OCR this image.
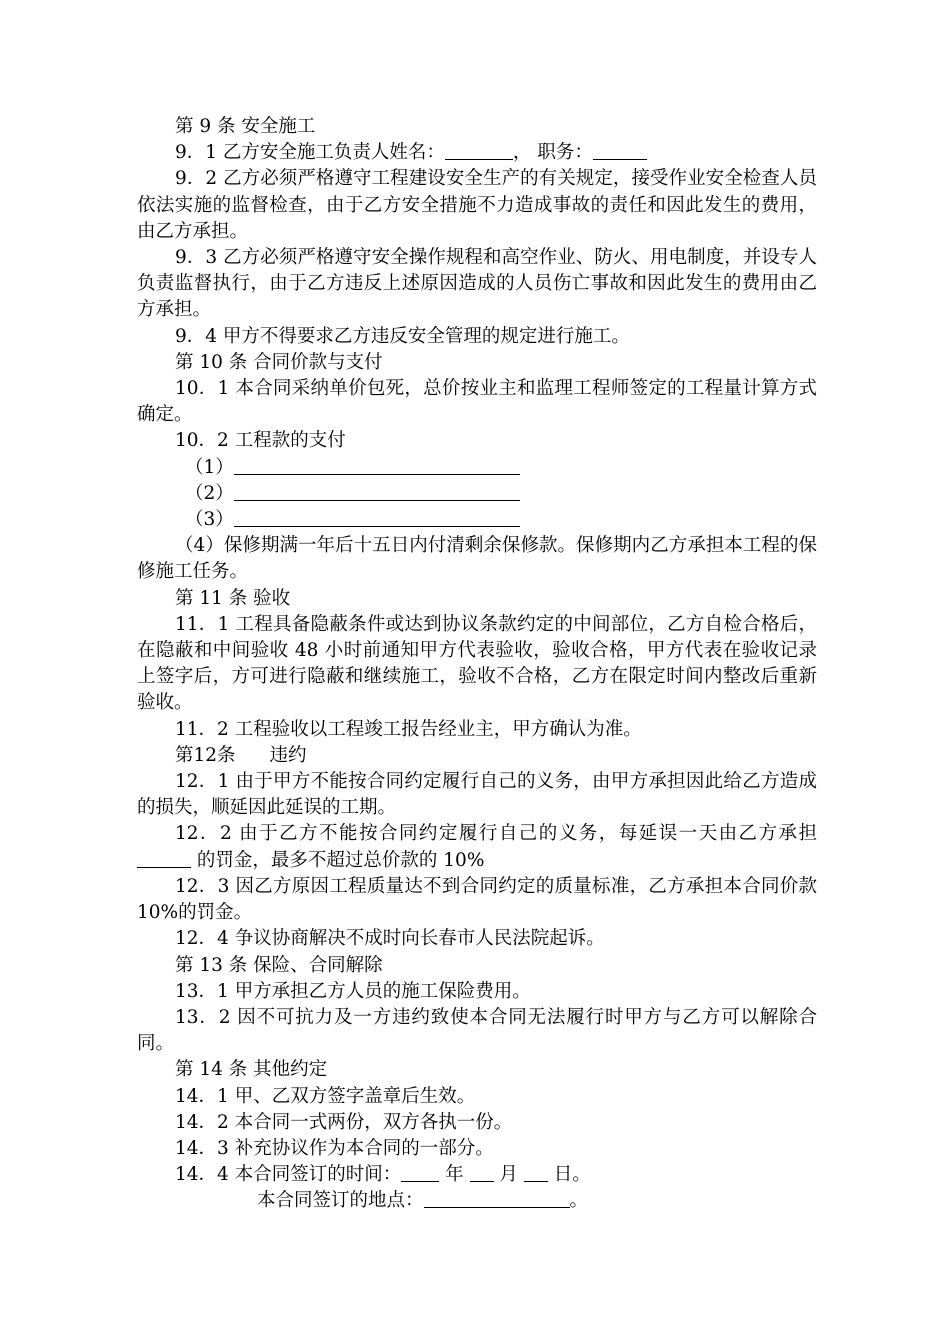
第 9 条 安全施工

9．1 乙方安全施工负责人姓名：	， 职务：

9．2 乙方必须严格遵守工程建设安全生产的有关规定，接受作业安全检查人员依法实施的监督检查，由于乙方安全措施不力造成事故的责任和因此发生的费用，由乙方承担。

9．3 乙方必须严格遵守安全操作规程和高空作业、防火、用电制度，并设专人负责监督执行，由于乙方违反上述原因造成的人员伤亡事故和因此发生的费用由乙方承担。

9．4 甲方不得要求乙方违反安全管理的规定进行施工。

第 10 条 合同价款与支付

10．1 本合同采纳单价包死，总价按业主和监理工程师签定的工程量计算方式确定。

10．2 工程款的支付

（1）

（2）

（3）

（4）保修期满一年后十五日内付清剩余保修款。保修期内乙方承担本工程的保修施工任务。

第 11 条 验收

11．1 工程具备隐蔽条件或达到协议条款约定的中间部位，乙方自检合格后，在隐蔽和中间验收 48 小时前通知甲方代表验收，验收合格，甲方代表在验收记录上签字后，方可进行隐蔽和继续施工，验收不合格，乙方在限定时间内整改后重新验收。

11．2 工程验收以工程竣工报告经业主，甲方确认为准。

第12条 违约

12．1 由于甲方不能按合同约定履行自己的义务，由甲方承担因此给乙方造成的损失，顺延因此延误的工期。

12．2 由于乙方不能按合同约定履行自己的义务，每延误一天由乙方承担  的罚金，最多不超过总价款的 10%

12．3 因乙方原因工程质量达不到合同约定的质量标准，乙方承担本合同价款 10%的罚金。

12．4 争议协商解决不成时向长春市人民法院起诉。

第 13 条 保险、合同解除

13．1 甲方承担乙方人员的施工保险费用。

13．2 因不可抗力及一方违约致使本合同无法履行时甲方与乙方可以解除合同。

第 14 条 其他约定

14．1 甲、乙双方签字盖章后生效。

14．2 本合同一式两份，双方各执一份。

14．3 补充协议作为本合同的一部分。

14．4 本合同签订的时间： 年 月 日。

本合同签订的地点：	。
